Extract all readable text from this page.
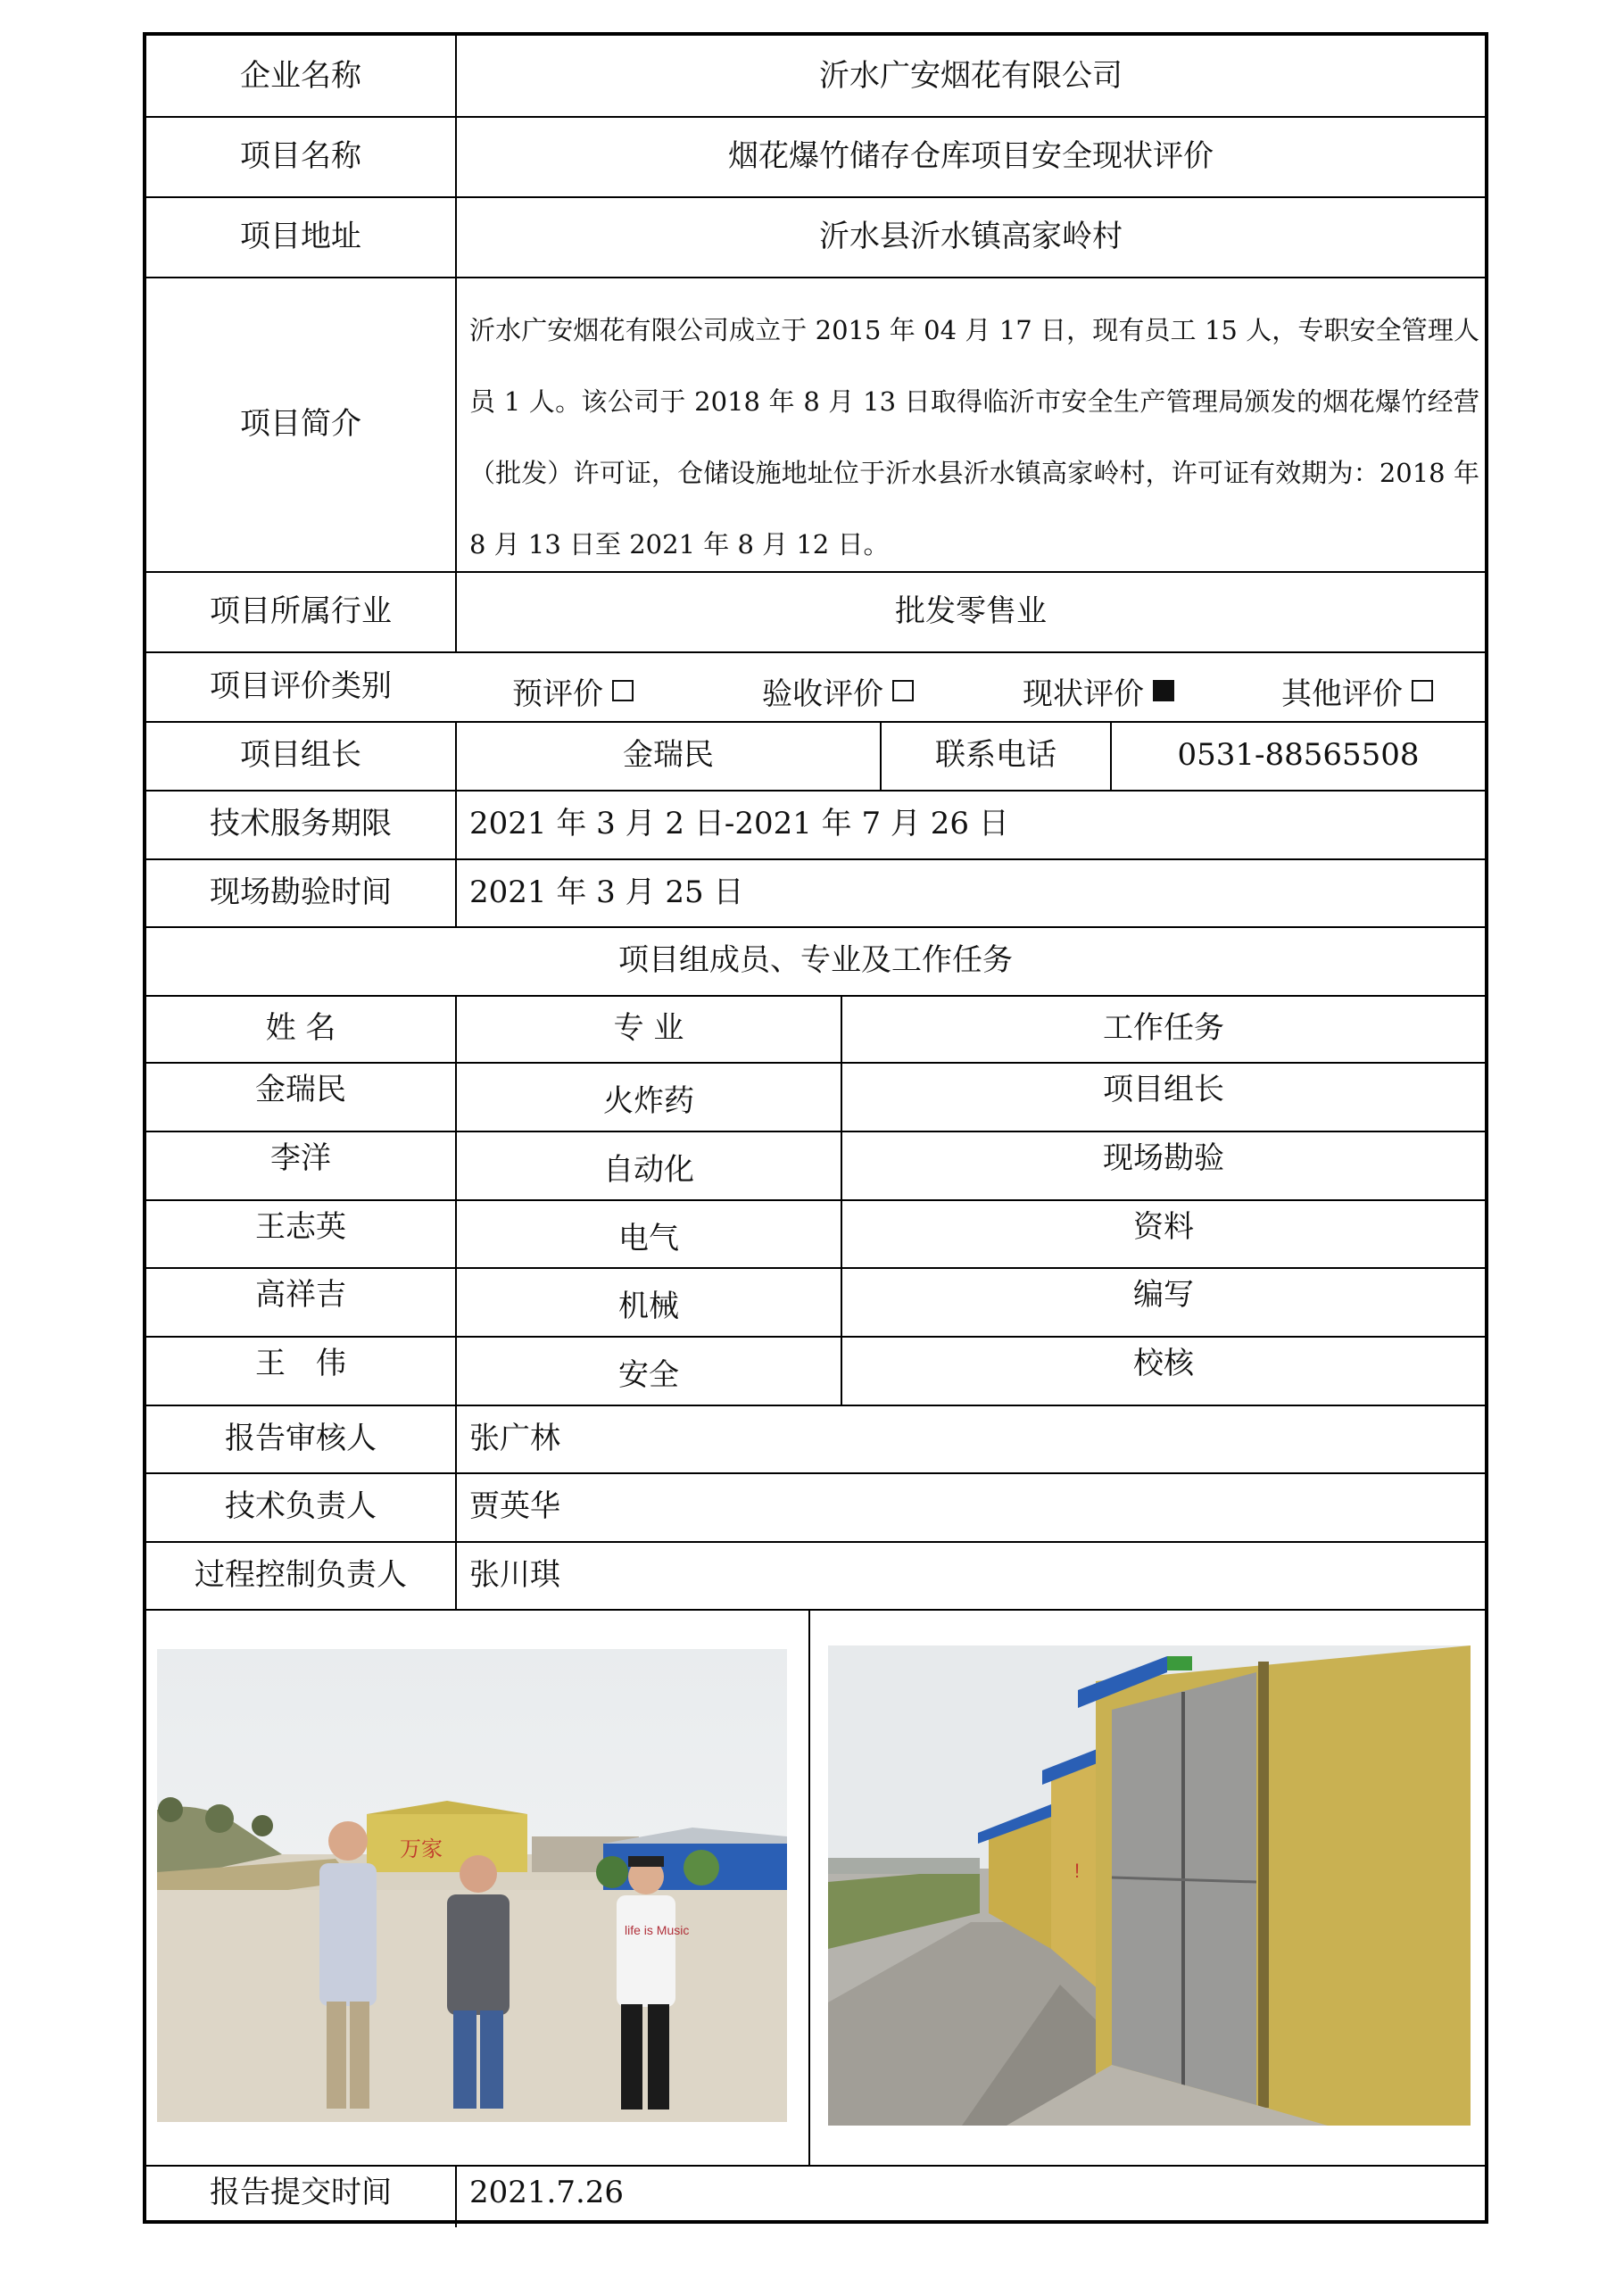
企业名称	沂水广安烟花有限公司
项目名称	烟花爆竹储存仓库项目安全现状评价
项目地址	沂水县沂水镇高家岭村
项目简介
沂水广安烟花有限公司成立于 2015 年 04 月 17 日，现有员工 15 人，专职安全管理人员 1 人。该公司于 2018 年 8 月 13 日取得临沂市安全生产管理局颁发的烟花爆竹经营（批发）许可证，仓储设施地址位于沂水县沂水镇高家岭村，许可证有效期为：2018 年 8 月 13 日至 2021 年 8 月 12 日。
项目所属行业	批发零售业
项目评价类别	预评价	验收评价	现状评价	其他评价
项目组长	金瑞民	联系电话	0531-88565508
技术服务期限	2021 年 3 月 2 日-2021 年 7 月 26 日
现场勘验时间	2021 年 3 月 25 日
项目组成员、专业及工作任务
姓 名	专 业	工作任务
金瑞民	火炸药	项目组长
李洋	自动化	现场勘验
王志英	电气	资料
高祥吉	机械	编写
王　伟	安全	校核
报告审核人	张广林
技术负责人	贾英华
过程控制负责人	张川琪
万家
life is Music
!
报告提交时间	2021.7.26
